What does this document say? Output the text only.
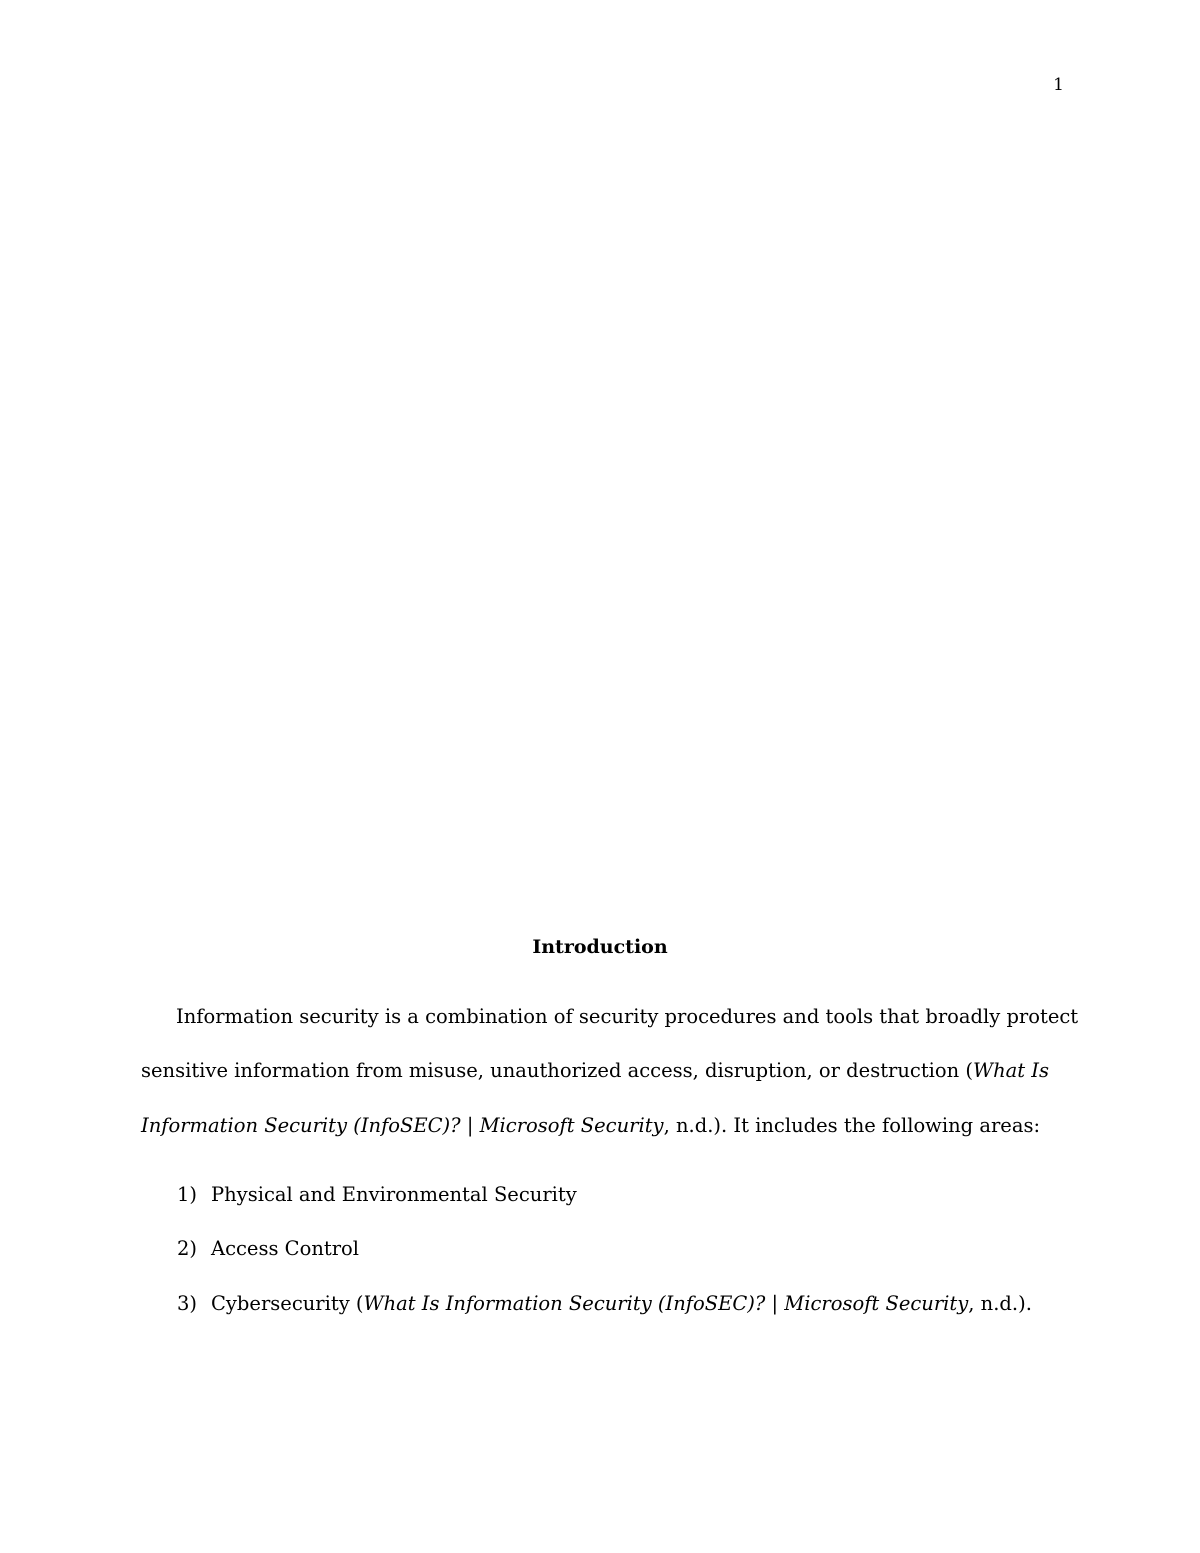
1
Introduction
Information security is a combination of security procedures and tools that broadly protect
sensitive information from misuse, unauthorized access, disruption, or destruction (What Is
Information Security (InfoSEC)? | Microsoft Security, n.d.). It includes the following areas:
1) Physical and Environmental Security
2) Access Control
3) Cybersecurity (What Is Information Security (InfoSEC)? | Microsoft Security, n.d.).
